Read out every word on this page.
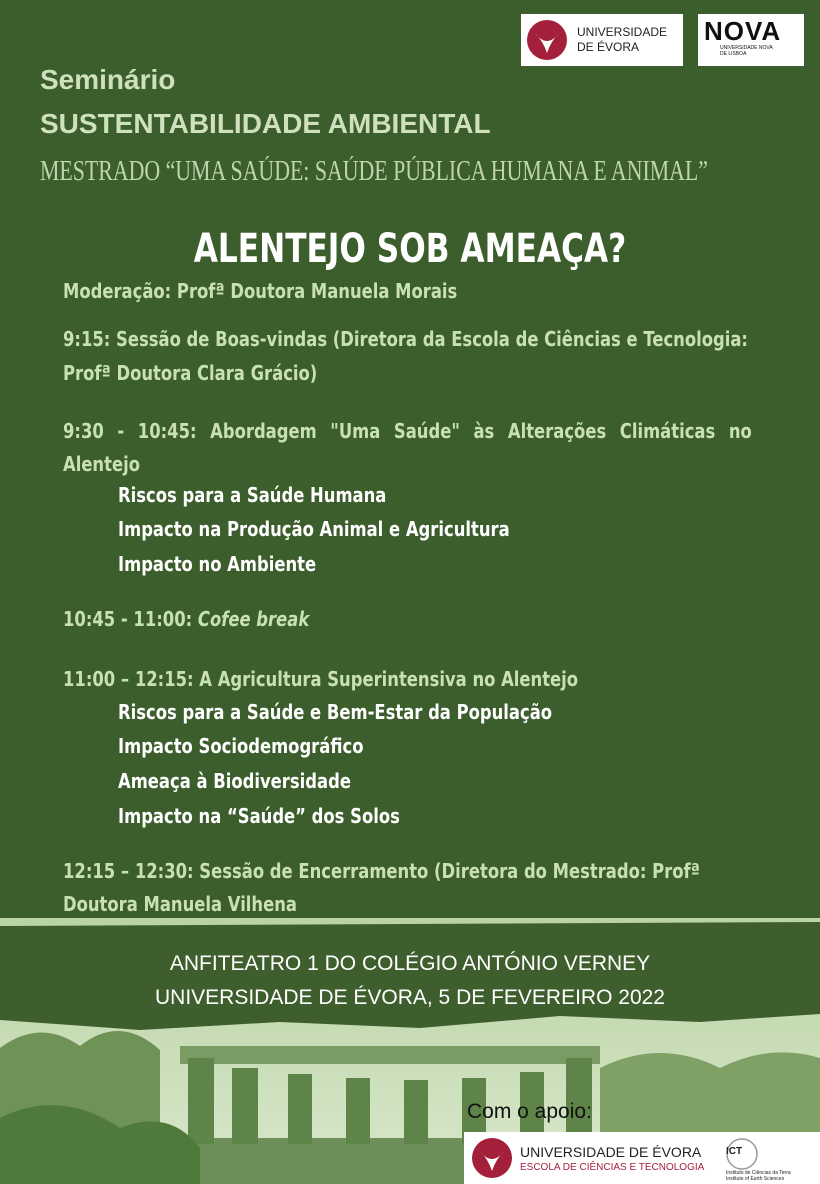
UNIVERSIDADE
DE ÉVORA
NOVA
UNIVERSIDADE NOVA
DE LISBOA
Seminário
SUSTENTABILIDADE AMBIENTAL
MESTRADO “UMA SAÚDE: SAÚDE PÚBLICA HUMANA E ANIMAL”
ALENTEJO SOB AMEAÇA?
Moderação: Profª Doutora Manuela Morais
9:15: Sessão de Boas-vindas (Diretora da Escola de Ciências e Tecnologia:
Profª Doutora Clara Grácio)
9:30 - 10:45: Abordagem "Uma Saúde" às Alterações Climáticas no
Alentejo
Riscos para a Saúde Humana
Impacto na Produção Animal e Agricultura
Impacto no Ambiente
10:45 - 11:00: Cofee break
11:00 – 12:15: A Agricultura Superintensiva no Alentejo
Riscos para a Saúde e Bem-Estar da População
Impacto Sociodemográfico
Ameaça à Biodiversidade
Impacto na “Saúde” dos Solos
12:15 – 12:30: Sessão de Encerramento (Diretora do Mestrado: Profª
Doutora Manuela Vilhena
ANFITEATRO 1 DO COLÉGIO ANTÓNIO VERNEY
UNIVERSIDADE DE ÉVORA, 5 DE FEVEREIRO 2022
Com o apoio:
UNIVERSIDADE DE ÉVORA
ESCOLA DE CIÊNCIAS E TECNOLOGIA
ICT
Instituto de Ciências da Terra
Institute of Earth Sciences
